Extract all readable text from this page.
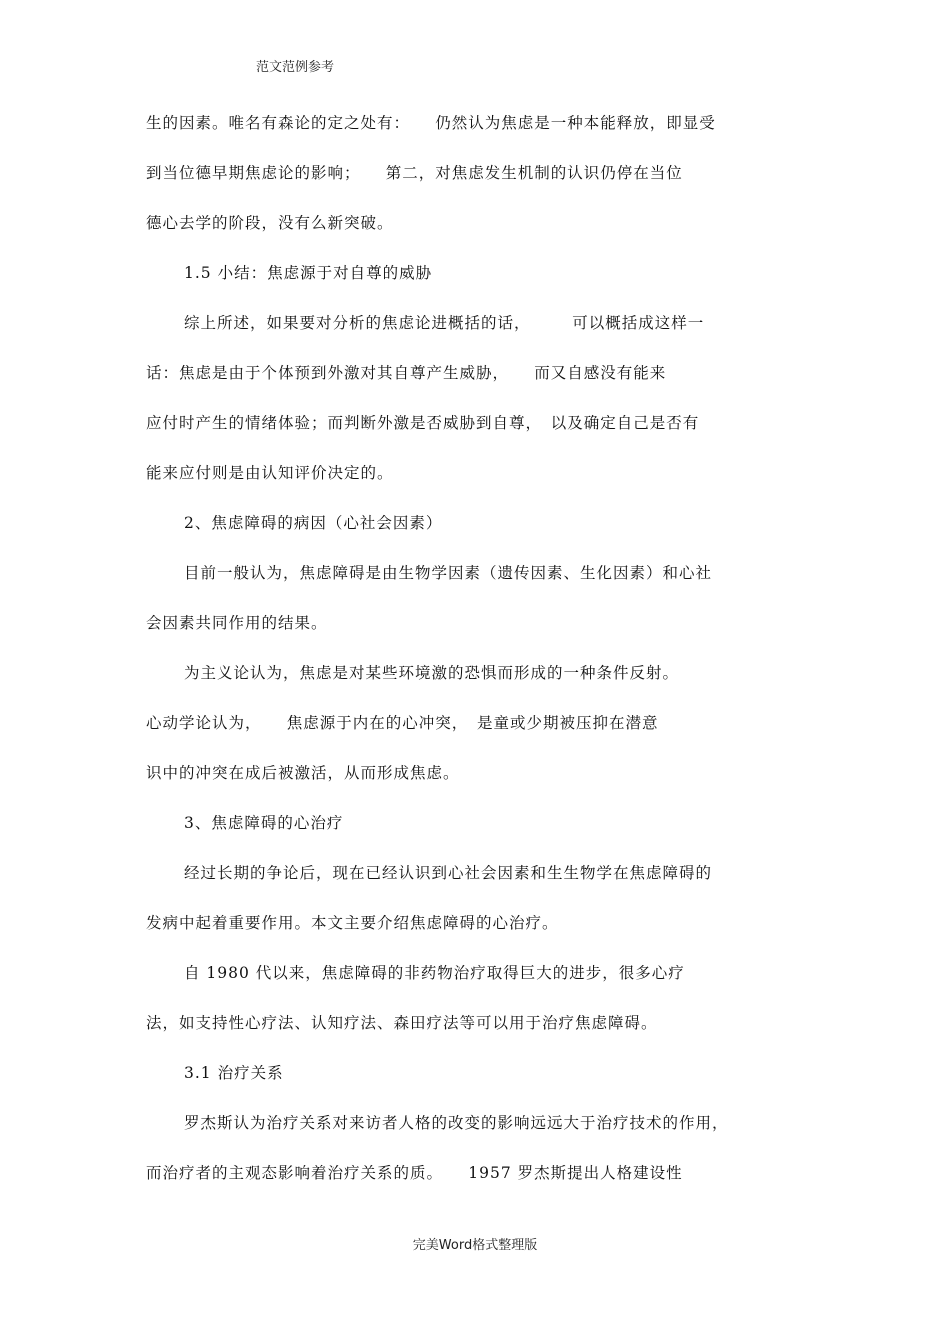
范文范例参考
生的因素。唯名有森论的定之处有：　　仍然认为焦虑是一种本能释放，即显受
到当位德早期焦虑论的影响；　　第二，对焦虑发生机制的认识仍停在当位
德心去学的阶段，没有么新突破。
1.5 小结：焦虑源于对自尊的威胁
综上所述，如果要对分析的焦虑论进概括的话，　　　可以概括成这样一
话：焦虑是由于个体预到外激对其自尊产生威胁，　　而又自感没有能来
应付时产生的情绪体验；而判断外激是否威胁到自尊，　以及确定自己是否有
能来应付则是由认知评价决定的。
2、焦虑障碍的病因（心社会因素）
目前一般认为，焦虑障碍是由生物学因素（遗传因素、生化因素）和心社
会因素共同作用的结果。
为主义论认为，焦虑是对某些环境激的恐惧而形成的一种条件反射。
心动学论认为，　　焦虑源于内在的心冲突，　是童或少期被压抑在潜意
识中的冲突在成后被激活，从而形成焦虑。
3、焦虑障碍的心治疗
经过长期的争论后，现在已经认识到心社会因素和生生物学在焦虑障碍的
发病中起着重要作用。本文主要介绍焦虑障碍的心治疗。
自 1980 代以来，焦虑障碍的非药物治疗取得巨大的进步，很多心疗
法，如支持性心疗法、认知疗法、森田疗法等可以用于治疗焦虑障碍。
3.1 治疗关系
罗杰斯认为治疗关系对来访者人格的改变的影响远远大于治疗技术的作用，
而治疗者的主观态影响着治疗关系的质。　　1957 罗杰斯提出人格建设性
完美Word格式整理版
